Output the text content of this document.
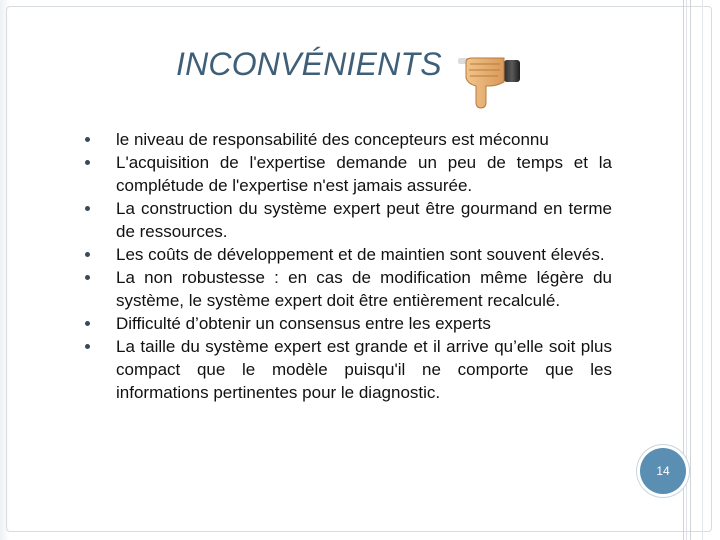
INCONVÉNIENTS
le niveau de responsabilité des concepteurs est méconnu
L'acquisition de l'expertise demande un peu de temps et la complétude de l'expertise n'est jamais assurée.
La construction du système expert peut être gourmand en terme de ressources.
Les coûts de développement et de maintien sont souvent élevés.
La non robustesse : en cas de modification même légère du système, le système expert doit être entièrement recalculé.
Difficulté d’obtenir un consensus entre les experts
La taille du système expert est grande et il arrive qu’elle soit plus compact que le modèle puisqu'il ne comporte que les informations pertinentes pour le diagnostic.
14
